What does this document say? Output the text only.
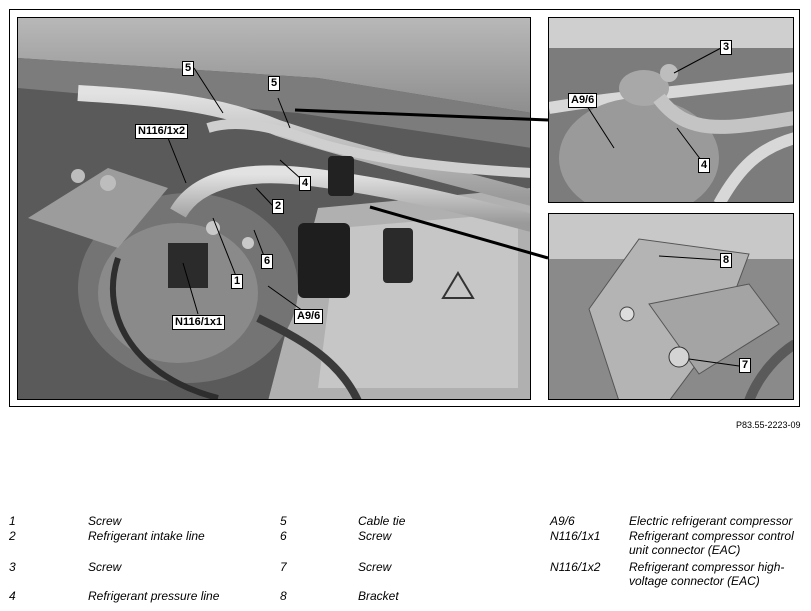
5
5
N116/1x2
4
2
1
6
N116/1x1	A9/6
3
A9/6
4
8
7
P83.55-2223-09
1	Screw
2	Refrigerant intake line
3	Screw
4	Refrigerant pressure line
5	Cable tie
6	Screw
7	Screw
8	Bracket
A9/6	Electric refrigerant compressor
N116/1x1 Refrigerant compressor control unit connector (EAC)
N116/1x2 Refrigerant compressor high-voltage connector (EAC)
